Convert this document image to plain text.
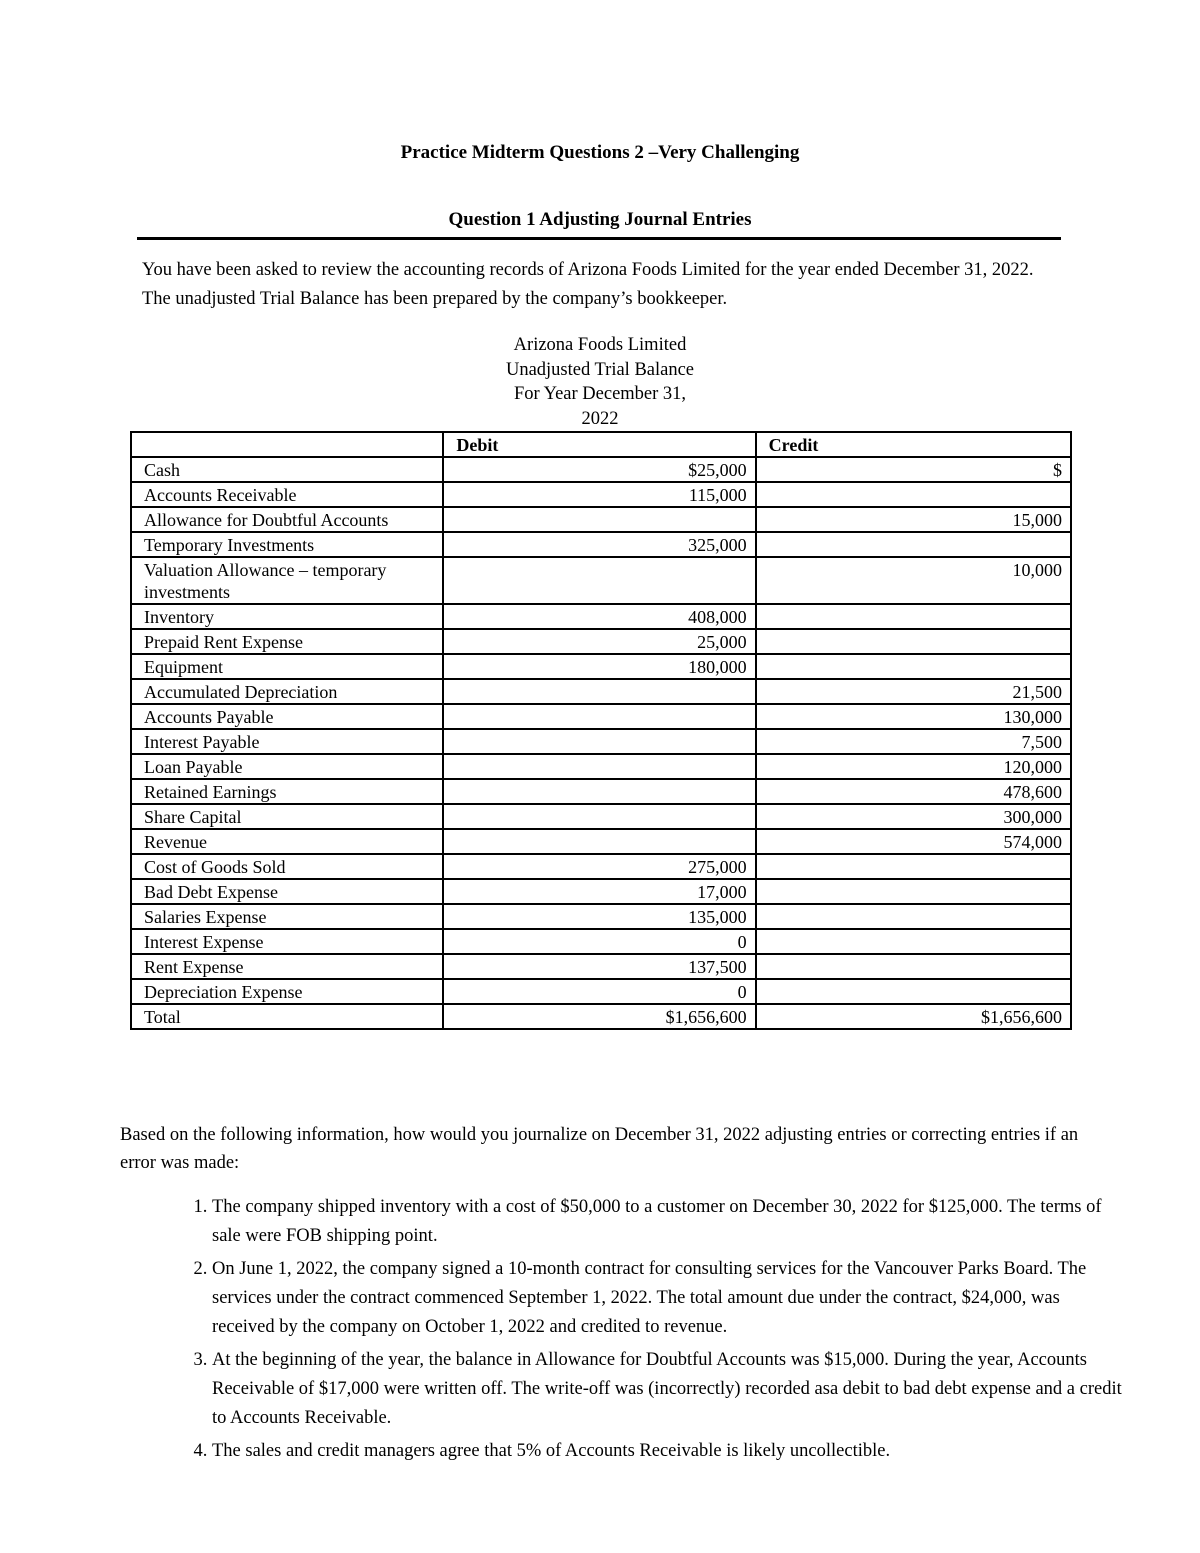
Practice Midterm Questions 2 –Very Challenging
Question 1 Adjusting Journal Entries
You have been asked to review the accounting records of Arizona Foods Limited for the year ended December 31, 2022. The unadjusted Trial Balance has been prepared by the company’s bookkeeper.
Arizona Foods Limited
Unadjusted Trial Balance
For Year December 31,
2022
	Debit	Credit
Cash	$25,000	$
Accounts Receivable	115,000	
Allowance for Doubtful Accounts		15,000
Temporary Investments	325,000	
Valuation Allowance – temporary investments		10,000
Inventory	408,000	
Prepaid Rent Expense	25,000	
Equipment	180,000	
Accumulated Depreciation		21,500
Accounts Payable		130,000
Interest Payable		7,500
Loan Payable		120,000
Retained Earnings		478,600
Share Capital		300,000
Revenue		574,000
Cost of Goods Sold	275,000	
Bad Debt Expense	17,000	
Salaries Expense	135,000	
Interest Expense	0	
Rent Expense	137,500	
Depreciation Expense	0	
Total	$1,656,600	$1,656,600
Based on the following information, how would you journalize on December 31, 2022 adjusting entries or correcting entries if an error was made:
1. The company shipped inventory with a cost of $50,000 to a customer on December 30, 2022 for $125,000. The terms of sale were FOB shipping point.
2. On June 1, 2022, the company signed a 10-month contract for consulting services for the Vancouver Parks Board. The services under the contract commenced September 1, 2022. The total amount due under the contract, $24,000, was received by the company on October 1, 2022 and credited to revenue.
3. At the beginning of the year, the balance in Allowance for Doubtful Accounts was $15,000. During the year, Accounts Receivable of $17,000 were written off. The write-off was (incorrectly) recorded asa debit to bad debt expense and a credit to Accounts Receivable.
4. The sales and credit managers agree that 5% of Accounts Receivable is likely uncollectible.
